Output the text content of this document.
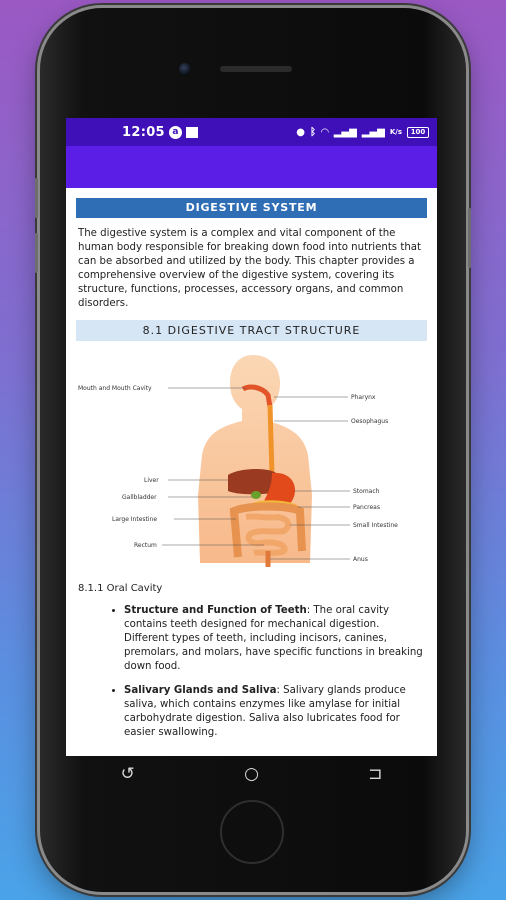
12:05 a	● ᛒ ◠ ▂▄▆ ▂▄▆ K/s	100
DIGESTIVE SYSTEM

The digestive system is a complex and vital component of the human body responsible for breaking down food into nutrients that can be absorbed and utilized by the body. This chapter provides a comprehensive overview of the digestive system, covering its structure, functions, processes, accessory organs, and common disorders.

8.1 DIGESTIVE TRACT STRUCTURE
Mouth and Mouth Cavity
Pharynx
Oesophagus
Liver
Gallbladder
Large Intestine
Rectum
Stomach
Pancreas
Small Intestine
Anus
8.1.1 Oral Cavity
• Structure and Function of Teeth: The oral cavity contains teeth designed for mechanical digestion. Different types of teeth, including incisors, canines, premolars, and molars, have specific functions in breaking down food.
• Salivary Glands and Saliva: Salivary glands produce saliva, which contains enzymes like amylase for initial carbohydrate digestion. Saliva also lubricates food for easier swallowing.
↺	○	⊐
